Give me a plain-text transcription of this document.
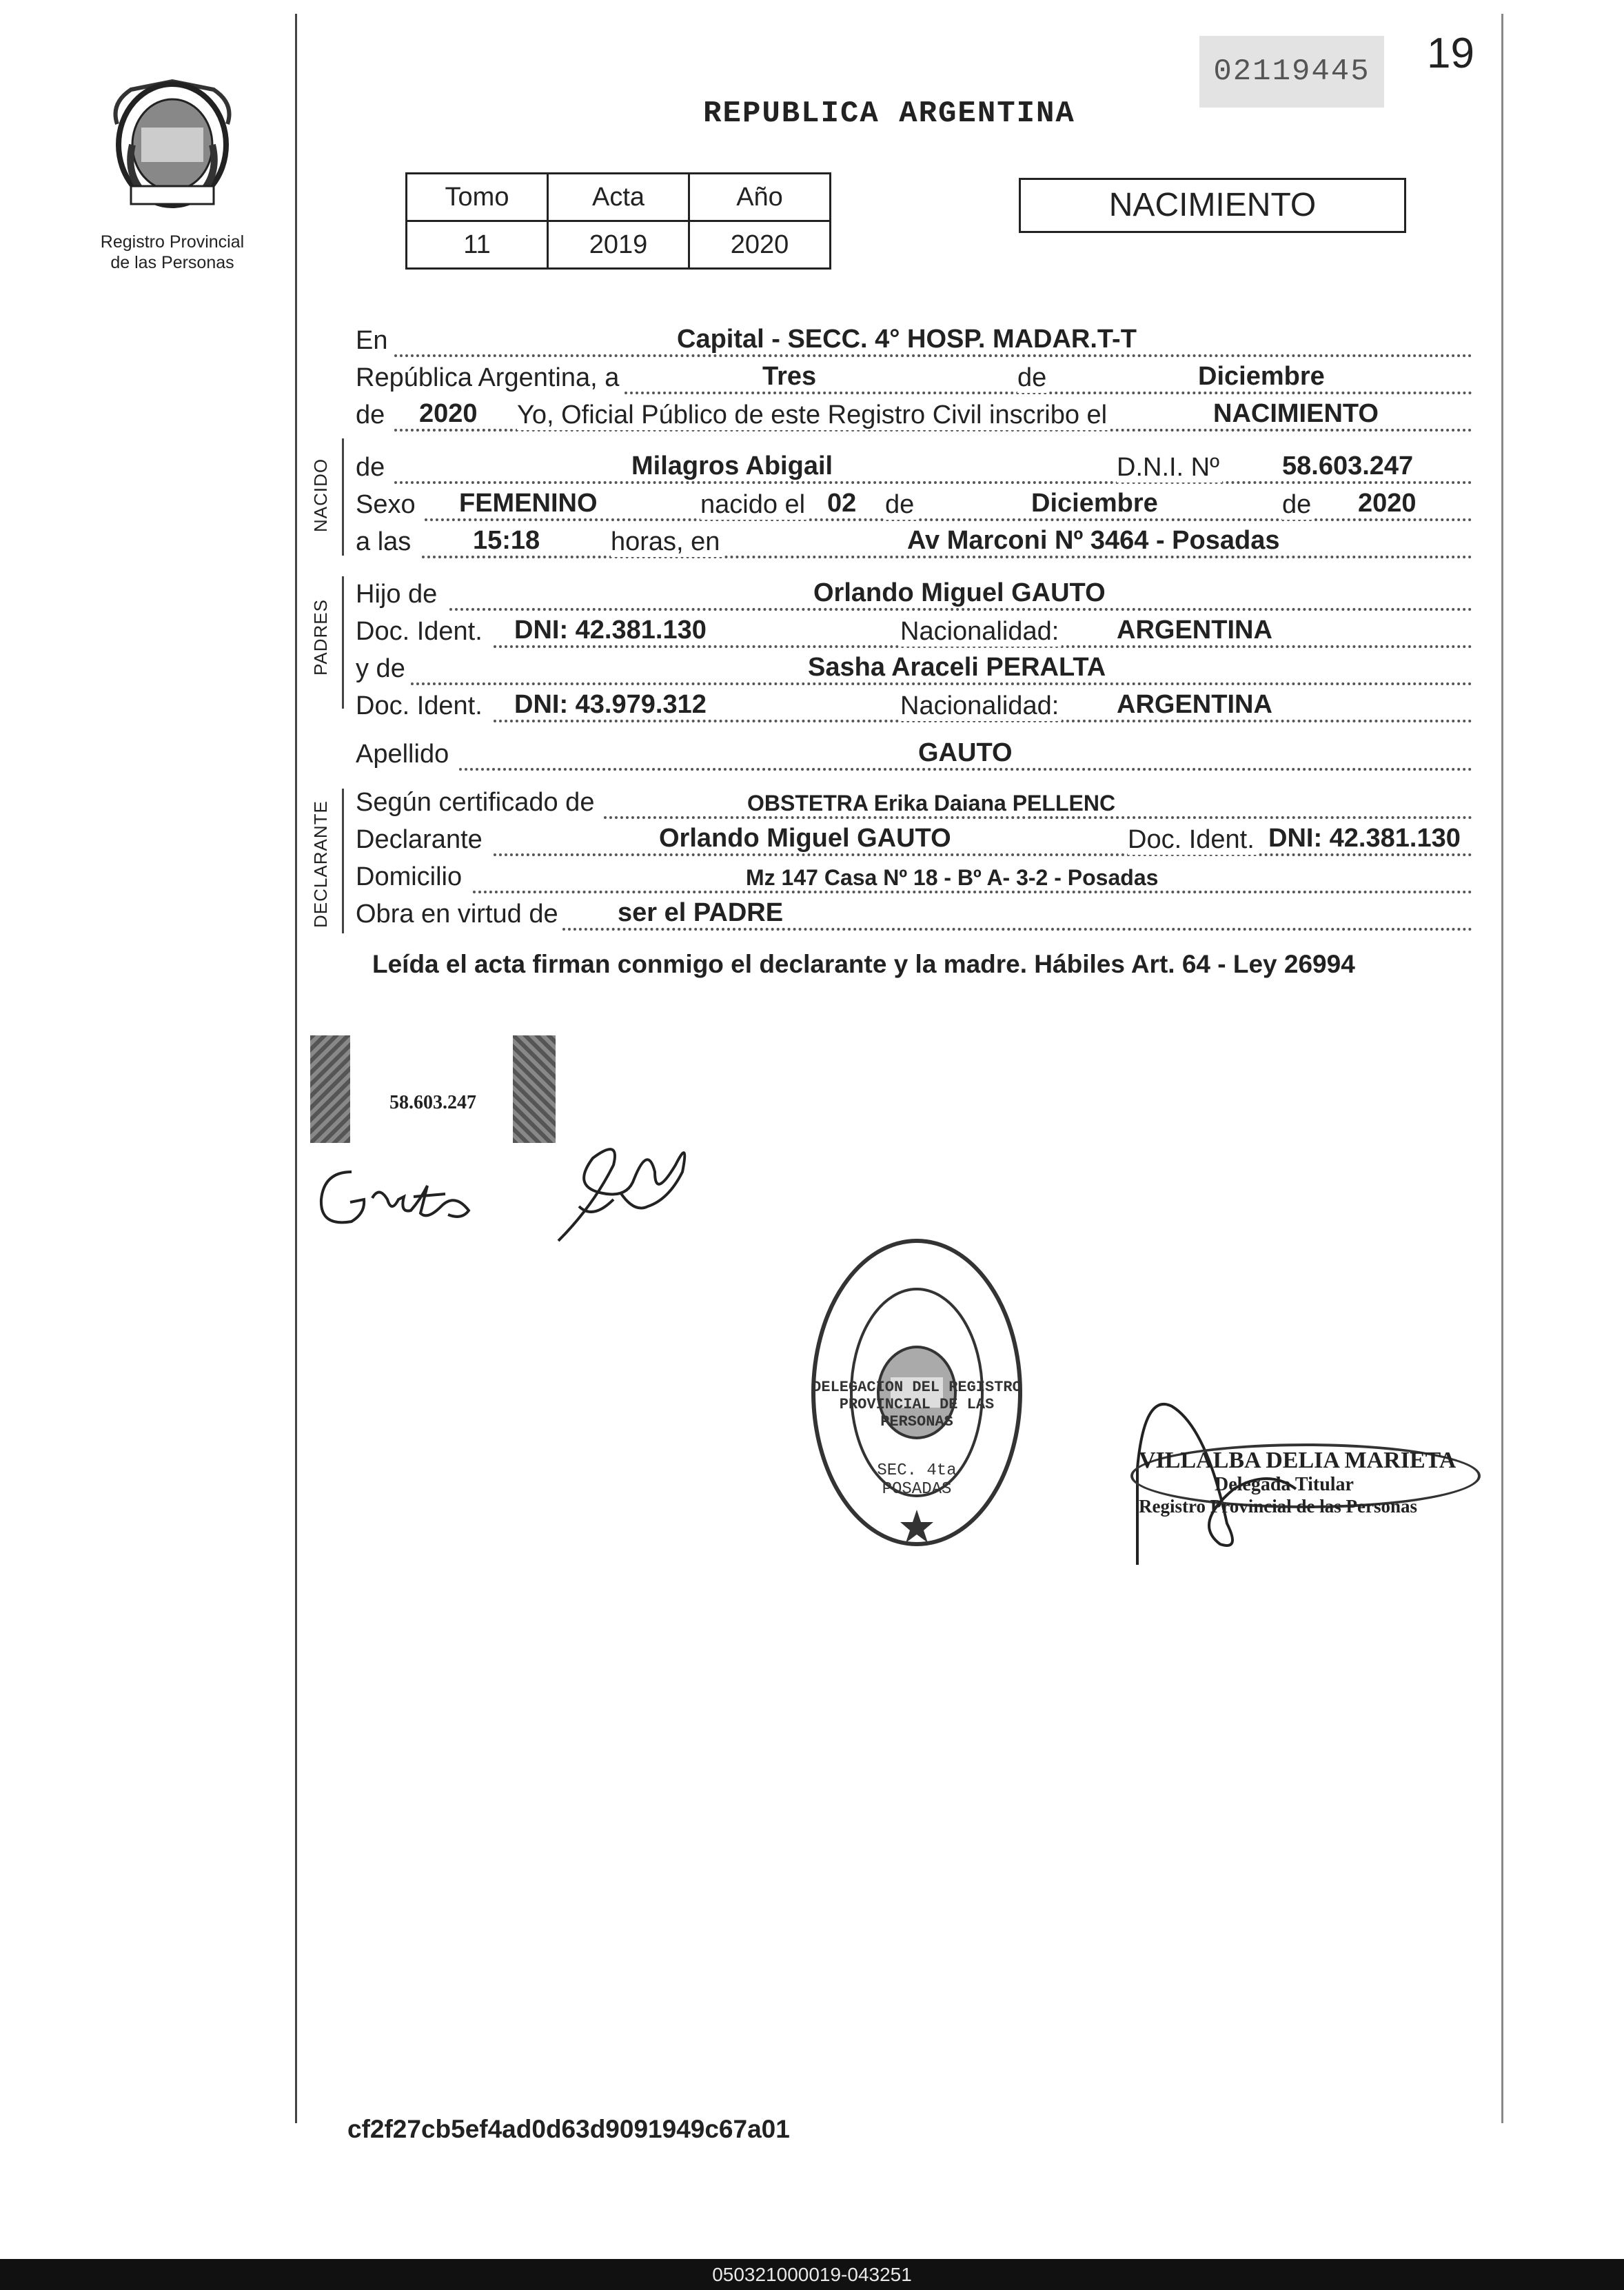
Registro Provincial
de las Personas
02119445	19
REPUBLICA ARGENTINA
Tomo	Acta	Año
11	2019	2020
NACIMIENTO
En	Capital - SECC. 4° HOSP. MADAR.T-T
República Argentina, a	Tres	de	Diciembre
de 2020 Yo, Oficial Público de este Registro Civil inscribo el	NACIMIENTO
NACIDO de	Milagros Abigail	D.N.I. Nº 58.603.247
Sexo FEMENINO	nacido el 02 de	Diciembre	de 2020
a las 15:18	horas, en	Av Marconi Nº 3464 - Posadas
PADRES
Hijo de	Orlando Miguel GAUTO
Doc. Ident. DNI: 42.381.130	Nacionalidad: ARGENTINA
y de	Sasha Araceli PERALTA
Doc. Ident. DNI: 43.979.312	Nacionalidad: ARGENTINA
Apellido	GAUTO
DECLARANTE Según certificado de	OBSTETRA Erika Daiana PELLENC
Declarante	Orlando Miguel GAUTO	Doc. Ident. DNI: 42.381.130
Domicilio	Mz 147 Casa Nº 18 - Bº A- 3-2 - Posadas
Obra en virtud de ser el PADRE
Leída el acta firman conmigo el declarante y la madre. Hábiles Art. 64 - Ley 26994
58.603.247
DELEGACION DEL REGISTRO PROVINCIAL DE LAS PERSONAS
SEC. 4ta POSADAS
VILLALBA DELIA MARIETA
Delegada Titular
Registro Provincial de las Personas
cf2f27cb5ef4ad0d63d9091949c67a01
050321000019-043251
